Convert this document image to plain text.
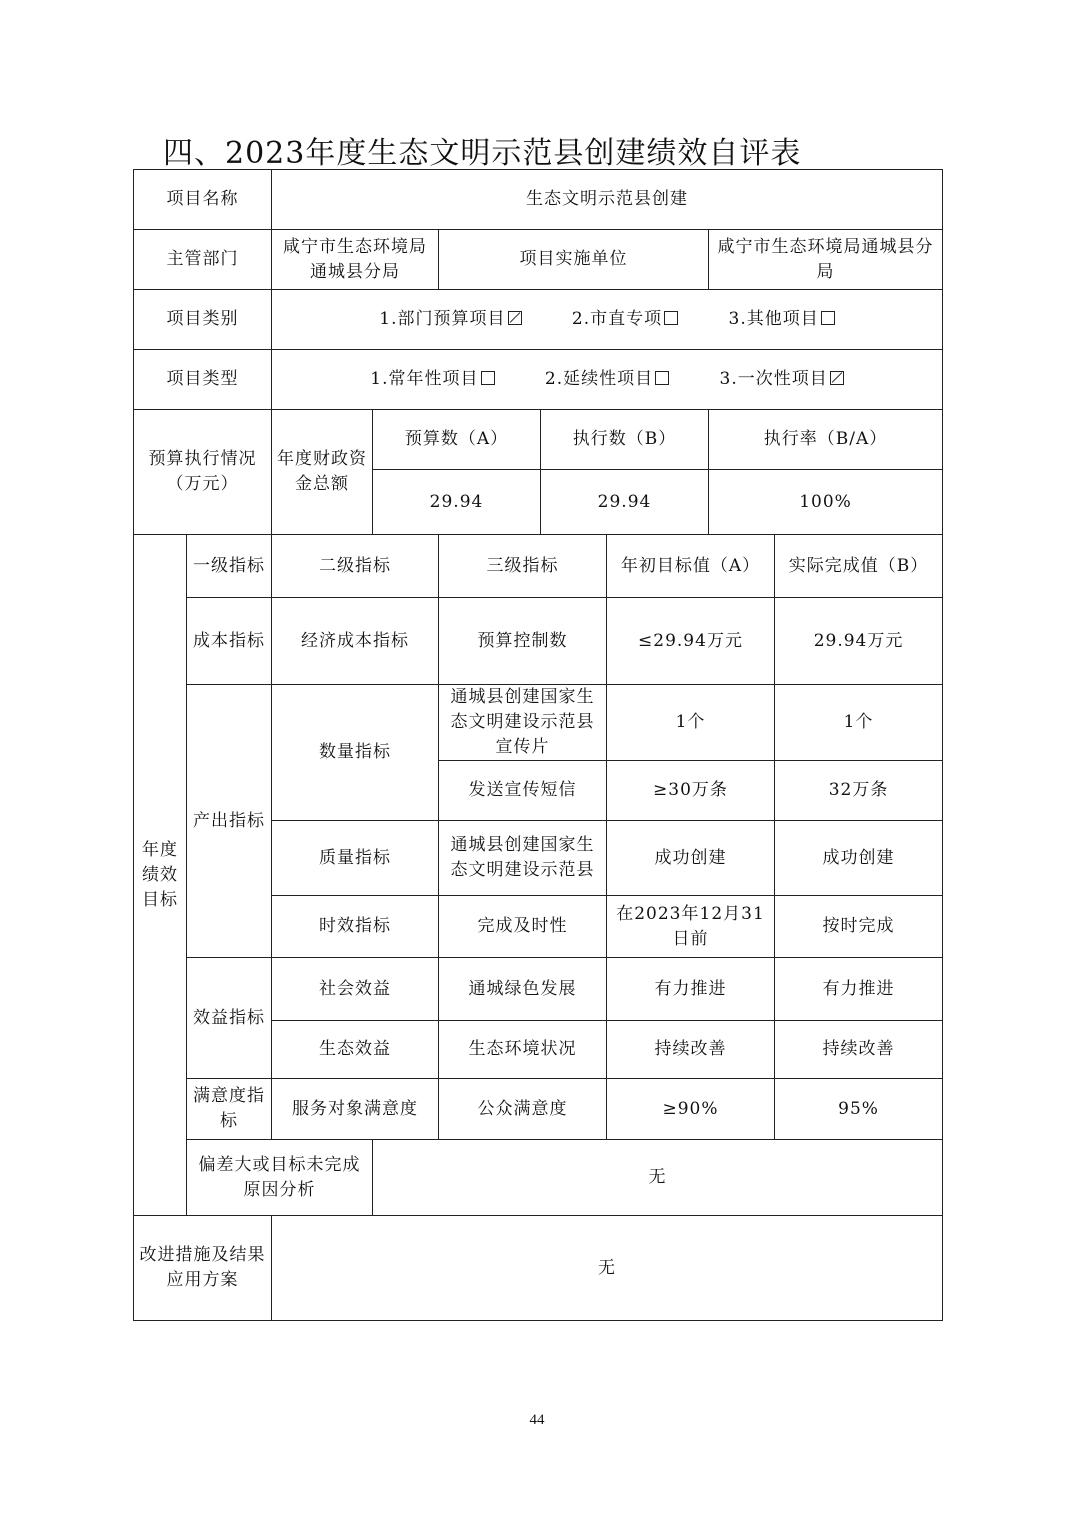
四、2023年度生态文明示范县创建绩效自评表
项目名称		生态文明示范县创建						
主管部门		咸宁市生态环境局通城县分局		项目实施单位			咸宁市生态环境局通城县分局	
项目类别		1.部门预算项目 2.市直专项 3.其他项目						
项目类型		1.常年性项目 2.延续性项目 3.一次性项目						
预算执行情况（万元）		年度财政资金总额	预算数（A）		执行数（B）		执行率（B/A）	
			29.94		29.94		100%	

年度绩效目标	一级指标	二级指标		三级指标		年初目标值（A）		实际完成值（B）
	成本指标	经济成本指标		预算控制数		≤29.94万元		29.94万元
	产出指标	数量指标		通城县创建国家生态文明建设示范县宣传片		1个		1个
				发送宣传短信		≥30万条		32万条
		质量指标		通城县创建国家生态文明建设示范县		成功创建		成功创建
		时效指标		完成及时性		在2023年12月31日前		按时完成
	效益指标	社会效益		通城绿色发展		有力推进		有力推进
		生态效益		生态环境状况		持续改善		持续改善
	满意度指标	服务对象满意度		公众满意度		≥90%		95%
	偏差大或目标未完成原因分析		无					
改进措施及结果应用方案		无						
44
